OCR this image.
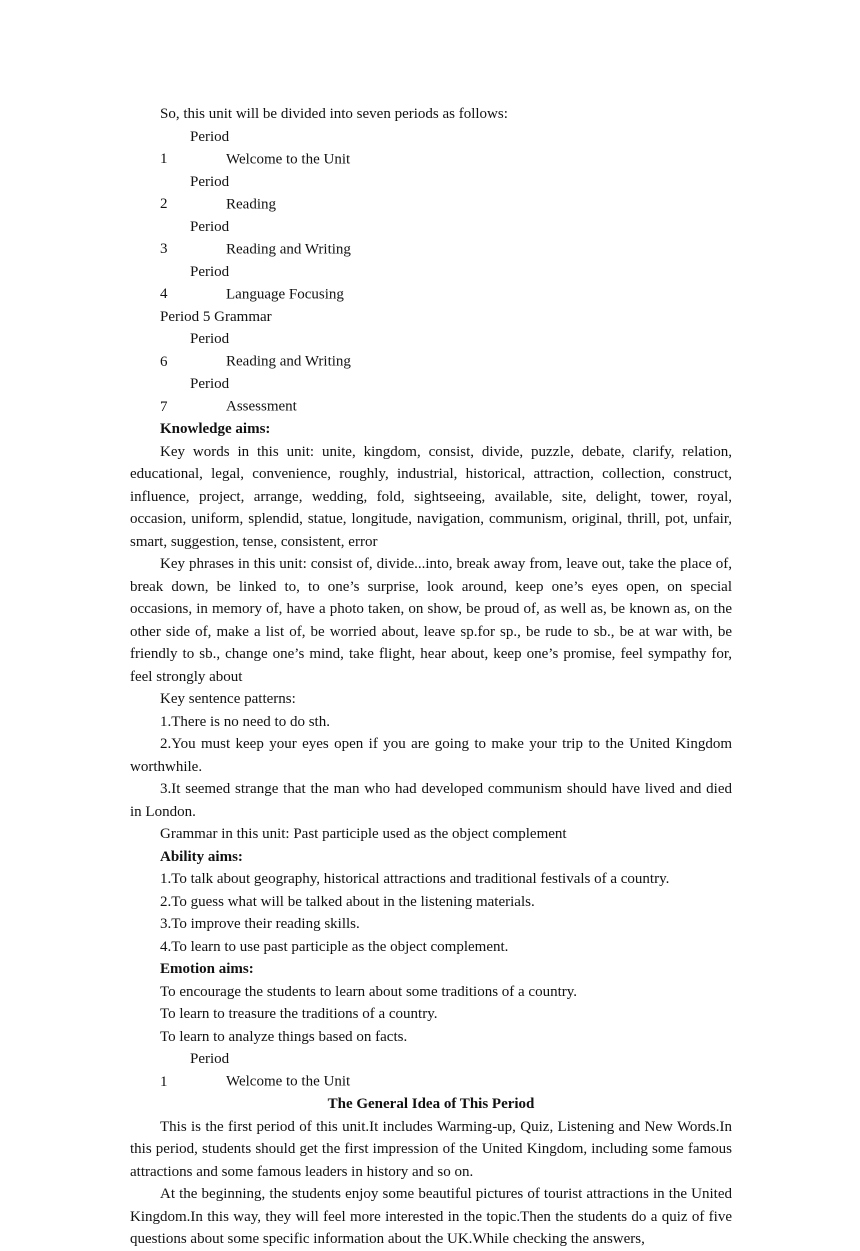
So, this unit will be divided into seven periods as follows:

Period 1	Welcome to the Unit

Period 2	Reading

Period 3	Reading and Writing

Period 4	Language Focusing

Period 5 Grammar

Period 6	Reading and Writing

Period 7	Assessment

Knowledge aims:

Key words in this unit: unite, kingdom, consist, divide, puzzle, debate, clarify, relation, educational, legal, convenience, roughly, industrial, historical, attraction, collection, construct, influence, project, arrange, wedding, fold, sightseeing, available, site, delight, tower, royal, occasion, uniform, splendid, statue, longitude, navigation, communism, original, thrill, pot, unfair, smart, suggestion, tense, consistent, error

Key phrases in this unit: consist of, divide...into, break away from, leave out, take the place of, break down, be linked to, to one’s surprise, look around, keep one’s eyes open, on special occasions, in memory of, have a photo taken, on show, be proud of, as well as, be known as, on the other side of, make a list of, be worried about, leave sp.for sp., be rude to sb., be at war with, be friendly to sb., change one’s mind, take flight, hear about, keep one’s promise, feel sympathy for, feel strongly about

Key sentence patterns:

1.There is no need to do sth.

2.You must keep your eyes open if you are going to make your trip to the United Kingdom worthwhile.

3.It seemed strange that the man who had developed communism should have lived and died in London.

Grammar in this unit: Past participle used as the object complement

Ability aims:

1.To talk about geography, historical attractions and traditional festivals of a country.

2.To guess what will be talked about in the listening materials.

3.To improve their reading skills.

4.To learn to use past participle as the object complement.

Emotion aims:

To encourage the students to learn about some traditions of a country.

To learn to treasure the traditions of a country.

To learn to analyze things based on facts.

Period 1	Welcome to the Unit

The General Idea of This Period

This is the first period of this unit.It includes Warming-up, Quiz, Listening and New Words.In this period, students should get the first impression of the United Kingdom, including some famous attractions and some famous leaders in history and so on.

At the beginning, the students enjoy some beautiful pictures of tourist attractions in the United Kingdom.In this way, they will feel more interested in the topic.Then the students do a quiz of five questions about some specific information about the UK.While checking the answers,
